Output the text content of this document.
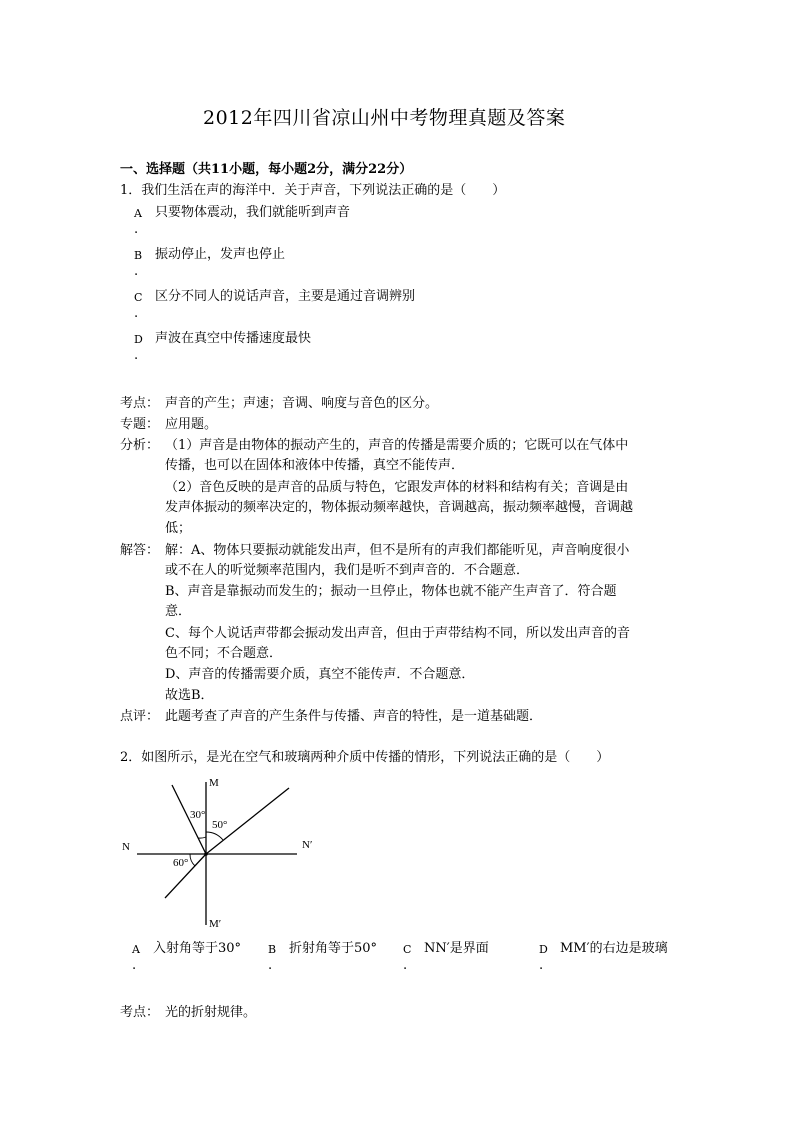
2012年四川省凉山州中考物理真题及答案
一、选择题（共11小题，每小题2分，满分22分）
1．我们生活在声的海洋中．关于声音，下列说法正确的是（　　）
A 只要物体震动，我们就能听到声音
.
B 振动停止，发声也停止
.
C 区分不同人的说话声音，主要是通过音调辨别
.
D 声波在真空中传播速度最快
.
考点： 声音的产生；声速；音调、响度与音色的区分。
专题： 应用题。
分析： （1）声音是由物体的振动产生的，声音的传播是需要介质的；它既可以在气体中
传播，也可以在固体和液体中传播，真空不能传声．
（2）音色反映的是声音的品质与特色，它跟发声体的材料和结构有关；音调是由
发声体振动的频率决定的，物体振动频率越快，音调越高，振动频率越慢，音调越
低；
解答： 解：A、物体只要振动就能发出声，但不是所有的声我们都能听见，声音响度很小
或不在人的听觉频率范围内，我们是听不到声音的．不合题意．
B、声音是靠振动而发生的；振动一旦停止，物体也就不能产生声音了．符合题
意．
C、每个人说话声带都会振动发出声音，但由于声带结构不同，所以发出声音的音
色不同；不合题意．
D、声音的传播需要介质，真空不能传声．不合题意．
故选B．
点评： 此题考查了声音的产生条件与传播、声音的特性，是一道基础题．
2．如图所示，是光在空气和玻璃两种介质中传播的情形，下列说法正确的是（　　）
M
M′
N	N′
30°
50°
60°
A 入射角等于30°
.
B 折射角等于50°
.
C NN′是界面
.
D MM′的右边是玻璃
.
考点： 光的折射规律。
